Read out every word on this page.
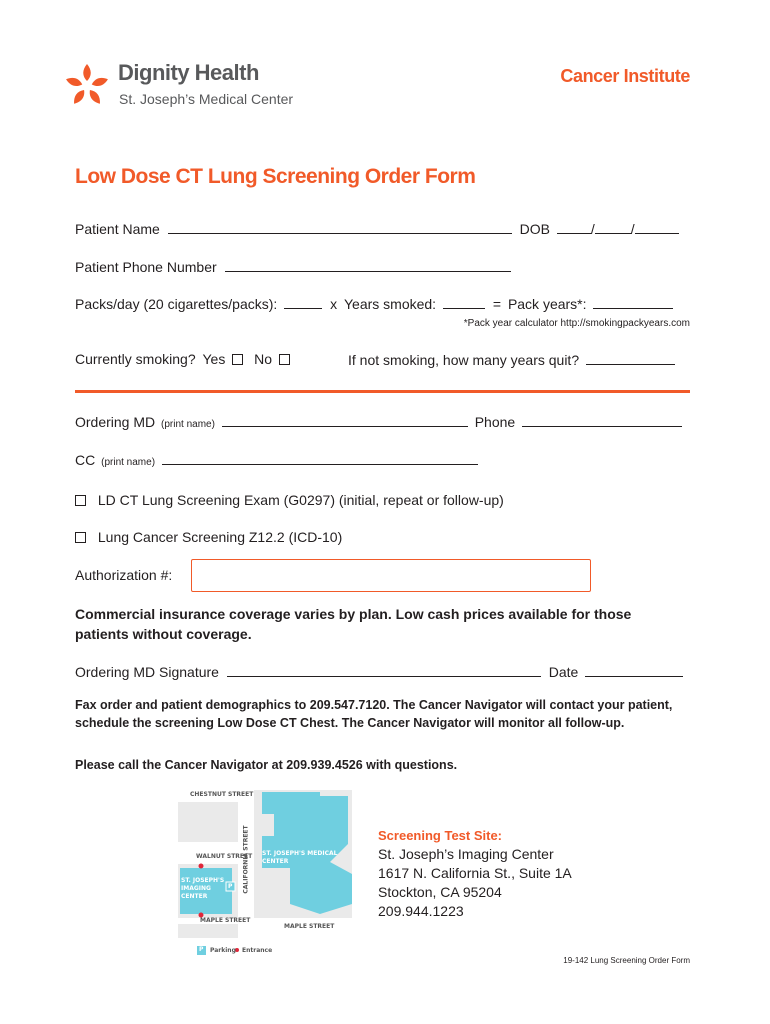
Dignity Health
St. Joseph’s Medical Center
Cancer Institute
Low Dose CT Lung Screening Order Form
Patient Name	DOB	/	/
Patient Phone Number
Packs/day (20 cigarettes/packs):	x Years smoked:	= Pack years*:
*Pack year calculator http://smokingpackyears.com
Currently smoking? Yes No	If not smoking, how many years quit?
Ordering MD (print name)	Phone
CC (print name)
LD CT Lung Screening Exam (G0297) (initial, repeat or follow-up)
Lung Cancer Screening Z12.2 (ICD-10)
Authorization #:
Commercial insurance coverage varies by plan. Low cash prices available for those patients without coverage.
Ordering MD Signature	Date
Fax order and patient demographics to 209.547.7120. The Cancer Navigator will contact your patient, schedule the screening Low Dose CT Chest. The Cancer Navigator will monitor all follow-up.
Please call the Cancer Navigator at 209.939.4526 with questions.
CHESTNUT STREET
WALNUT STREET
MAPLE STREET
MAPLE STREET
CALIFORNIA STREET ST. JOSEPH'S MEDICAL CENTER
ST. JOSEPH'S IMAGING CENTER
P
P Parking Entrance
Screening Test Site:
St. Joseph’s Imaging Center
1617 N. California St., Suite 1A
Stockton, CA 95204
209.944.1223
19-142 Lung Screening Order Form
